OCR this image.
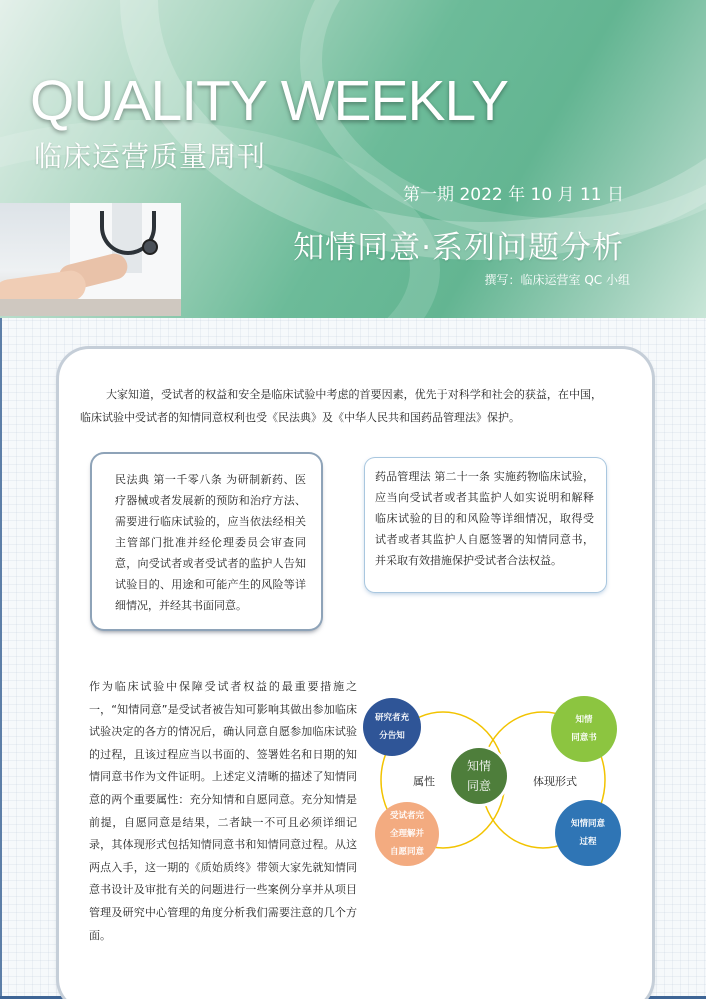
QUALITY WEEKLY
临床运营质量周刊
第一期 2022 年 10 月 11 日
知情同意·系列问题分析
撰写：临床运营室 QC 小组

大家知道，受试者的权益和安全是临床试验中考虑的首要因素，优先于对科学和社会的获益，在中国，临床试验中受试者的知情同意权利也受《民法典》及《中华人民共和国药品管理法》保护。

民法典 第一千零八条 为研制新药、医疗器械或者发展新的预防和治疗方法、需要进行临床试验的，应当依法经相关主管部门批准并经伦理委员会审查同意，向受试者或者受试者的监护人告知试验目的、用途和可能产生的风险等详细情况，并经其书面同意。

药品管理法 第二十一条 实施药物临床试验，应当向受试者或者其监护人如实说明和解释临床试验的目的和风险等详细情况，取得受试者或者其监护人自愿签署的知情同意书，并采取有效措施保护受试者合法权益。

作为临床试验中保障受试者权益的最重要措施之一，“知情同意”是受试者被告知可影响其做出参加临床试验决定的各方的情况后，确认同意自愿参加临床试验的过程，且该过程应当以书面的、签署姓名和日期的知情同意书作为文件证明。上述定义清晰的描述了知情同意的两个重要属性：充分知情和自愿同意。充分知情是前提，自愿同意是结果，二者缺一不可且必须详细记录，其体现形式包括知情同意书和知情同意过程。从这两点入手，这一期的《质始质终》带领大家先就知情同意书设计及审批有关的问题进行一些案例分享并从项目管理及研究中心管理的角度分析我们需要注意的几个方面。

研究者充
分告知
知情
同意书
受试者完
全理解并
自愿同意
知情同意
过程
知情
同意
属性	体现形式
